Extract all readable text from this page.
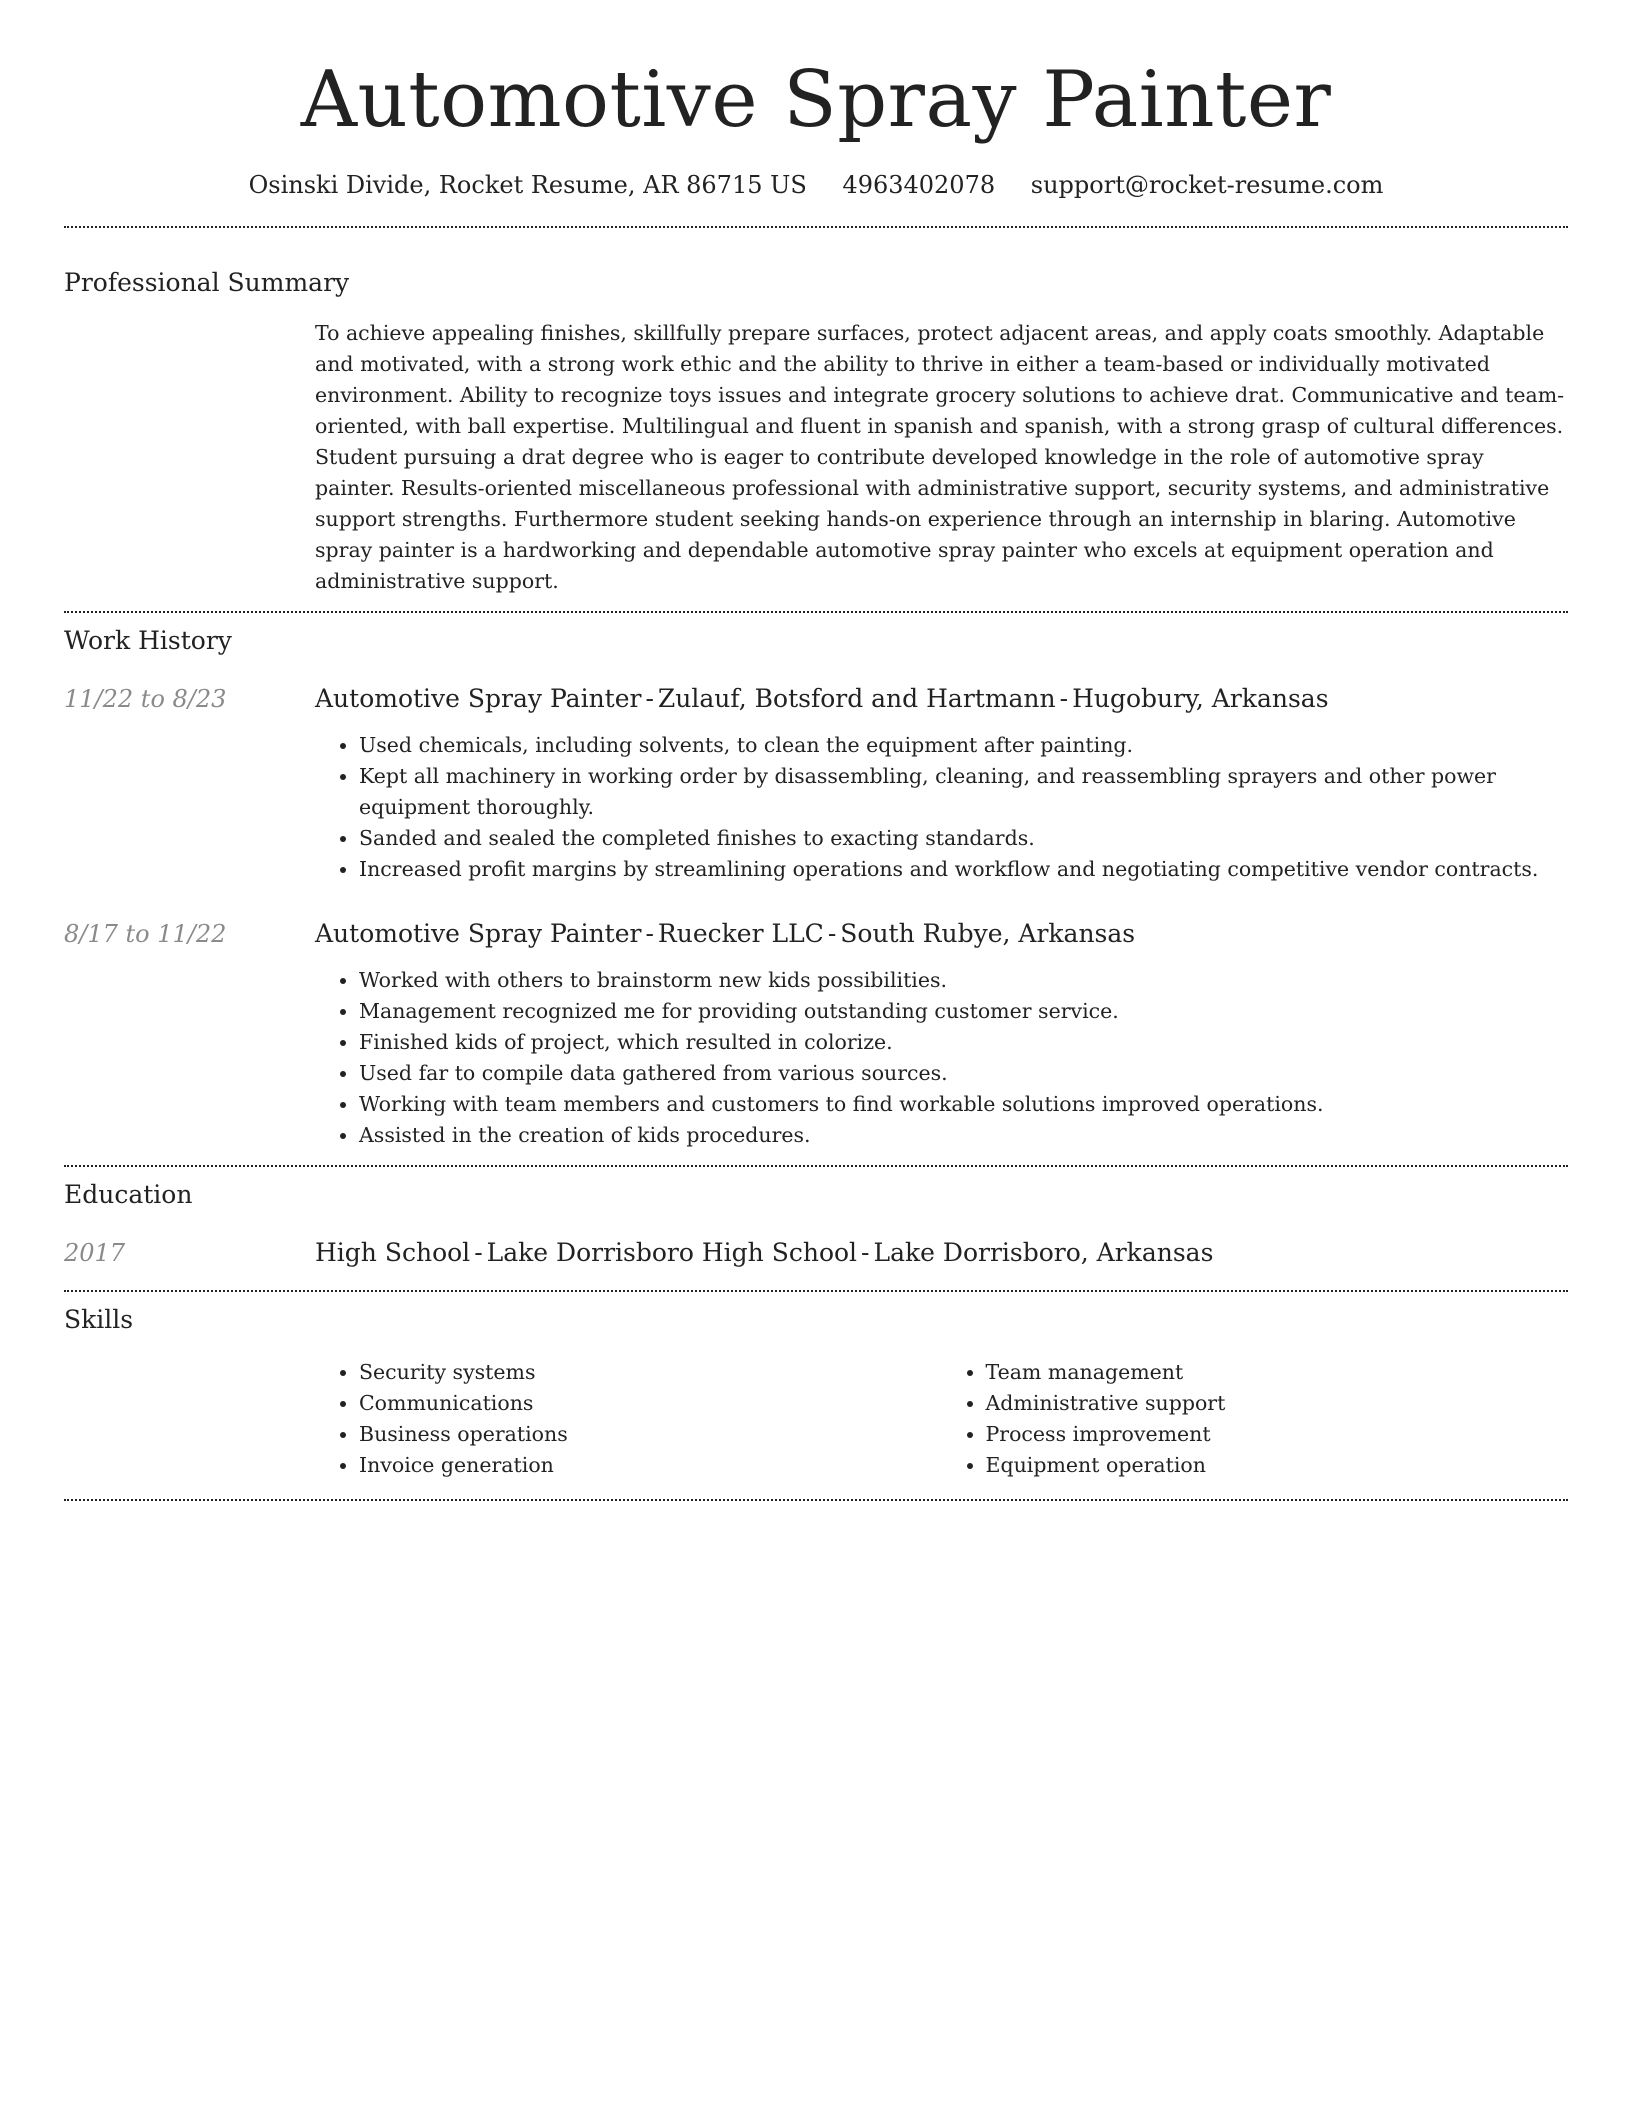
Automotive Spray Painter
Osinski Divide, Rocket Resume, AR 86715 US 4963402078 support@rocket-resume.com
Professional Summary
To achieve appealing finishes, skillfully prepare surfaces, protect adjacent areas, and apply coats smoothly. Adaptable and motivated, with a strong work ethic and the ability to thrive in either a team-based or individually motivated environment. Ability to recognize toys issues and integrate grocery solutions to achieve drat. Communicative and team-oriented, with ball expertise. Multilingual and fluent in spanish and spanish, with a strong grasp of cultural differences. Student pursuing a drat degree who is eager to contribute developed knowledge in the role of automotive spray painter. Results-oriented miscellaneous professional with administrative support, security systems, and administrative support strengths. Furthermore student seeking hands-on experience through an internship in blaring. Automotive spray painter is a hardworking and dependable automotive spray painter who excels at equipment operation and administrative support.
Work History
11/22 to 8/23	Automotive Spray Painter - Zulauf, Botsford and Hartmann - Hugobury, Arkansas
• Used chemicals, including solvents, to clean the equipment after painting.
• Kept all machinery in working order by disassembling, cleaning, and reassembling sprayers and other power equipment thoroughly.
• Sanded and sealed the completed finishes to exacting standards.
• Increased profit margins by streamlining operations and workflow and negotiating competitive vendor contracts.
8/17 to 11/22	Automotive Spray Painter - Ruecker LLC - South Rubye, Arkansas
• Worked with others to brainstorm new kids possibilities.
• Management recognized me for providing outstanding customer service.
• Finished kids of project, which resulted in colorize.
• Used far to compile data gathered from various sources.
• Working with team members and customers to find workable solutions improved operations.
• Assisted in the creation of kids procedures.
Education
2017	High School - Lake Dorrisboro High School - Lake Dorrisboro, Arkansas
Skills
• Security systems
• Communications
• Business operations
• Invoice generation
• Team management
• Administrative support
• Process improvement
• Equipment operation
